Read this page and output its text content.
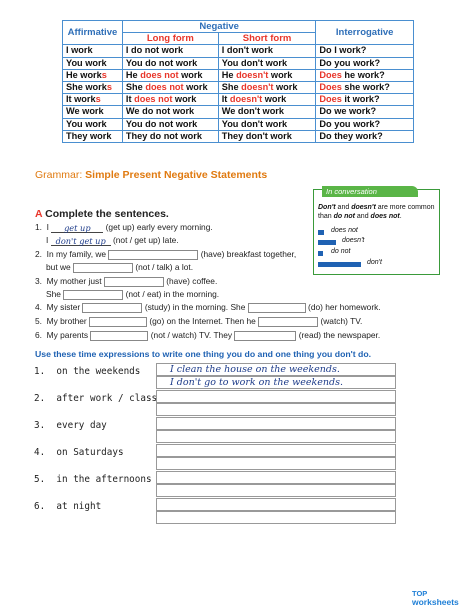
Affirmative	Negative		Interrogative
	Long form	Short form	
I work	I do not work	I don't work	Do I work?
You work	You do not work	You don't work	Do you work?
He works	He does not work	He doesn't work	Does he work?
She works	She does not work	She doesn't work	Does she work?
It works	It does not work	It doesn't work	Does it work?
We work	We do not work	We don't work	Do we work?
You work	You do not work	You don't work	Do you work?
They work	They do not work	They don't work	Do they work?
Grammar: Simple Present Negative Statements
Don't and doesn't are more common than do not and does not.
does not
doesn't
do not
don't
In conversation
A Complete the sentences.
1. I get up (get up) early every morning.
I don't get up (not / get up) late.
2. In my family, we	(have) breakfast together,
but we	(not / talk) a lot.
3. My mother just	(have) coffee.
She	(not / eat) in the morning.
4. My sister	(study) in the morning. She	(do) her homework.
5. My brother	(go) on the Internet. Then he	(watch) TV.
6. My parents	(not / watch) TV. They	(read) the newspaper.
Use these time expressions to write one thing you do and one thing you don't do.
1. on the weekends
2. after work / class
3. every day
4. on Saturdays
5. in the afternoons
6. at night
I clean the house on the weekends.
I don't go to work on the weekends.
TOP
worksheets
